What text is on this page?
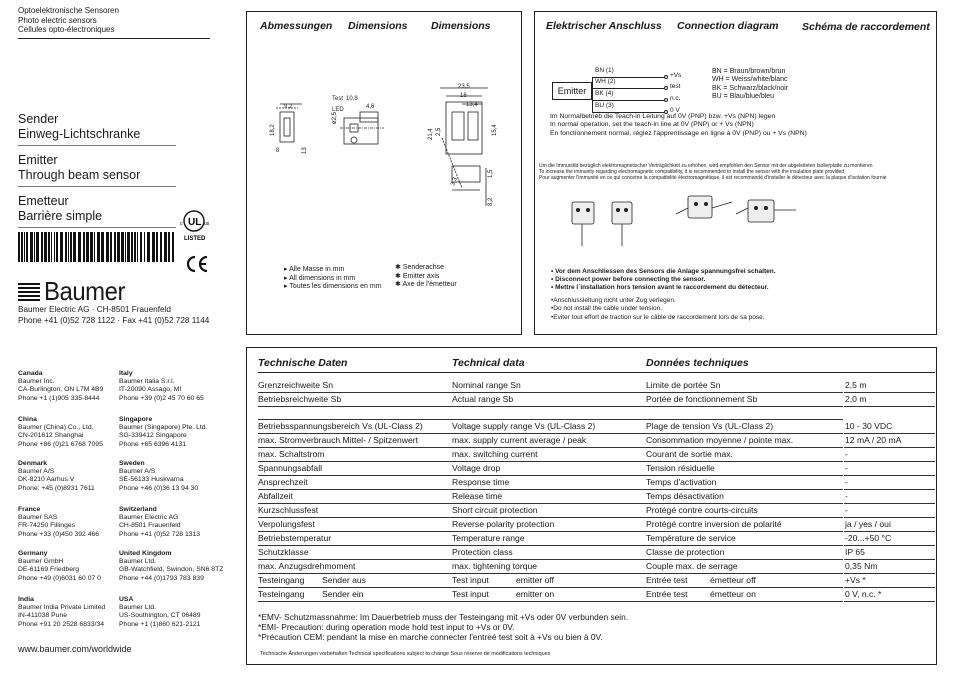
Optoelektronische Sensoren
Photo electric sensors
Cellules opto-électroniques
Sender
Einweg-Lichtschranke
Emitter
Through beam sensor
Emetteur
Barrière simple	UL
c	us
LISTED
Baumer
Baumer Electric AG · CH-8501 Frauenfeld
Phone +41 (0)52 728 1122 · Fax +41 (0)52 728 1144
Canada
Baumer Inc.
CA-Burlington, ON L7M 4B9
Phone +1 (1)905 335-8444
Italy
Baumer Italia S.r.l.
IT-20090 Assago, MI
Phone +39 (0)2 45 70 60 65
China
Baumer (China) Co., Ltd.
CN-201612 Shanghai
Phone +86 (0)21 6768 7095
Singapore
Baumer (Singapore) Pte. Ltd.
SG-339412 Singapore
Phone +65 6396 4131
Denmark
Baumer A/S
DK-8210 Aarhus V
Phone: +45 (0)8931 7611
Sweden
Baumer A/S
SE-56133 Huskvarna
Phone +46 (0)36 13 94 30
France
Baumer SAS
FR-74250 Fillinges
Phone +33 (0)450 392 466
Switzerland
Baumer Electric AG
CH-8501 Frauenfeld
Phone +41 (0)52 728 1313
Germany
Baumer GmbH
DE-61169 Friedberg
Phone +49 (0)6031 60 07 0
United Kingdom
Baumer Ltd.
GB-Watchfield, Swindon, SN6 8TZ
Phone +44 (0)1793 783 839
India
Baumer India Private Limited
IN-411038 Pune
Phone +91 20 2528 6833/34
USA
Baumer Ltd.
US-Southington, CT 06489
Phone +1 (1)860 621-2121
www.baumer.com/worldwide
Abmessungen Dimensions Dimensions
Test
LED
10,8
4,6
9,2
ø2,5
18,2
8	13
23,5
18
13,4
21,4 2,5	15,4
3,3
1,5
8,2
▸ Alle Masse in mm
▸ All dimensions in mm
▸ Toutes les dimensions en mm
✱ Senderachse
✱ Emitter axis
✱ Axe de l'émetteur
Elektrischer Anschluss Connection diagram Schéma de raccordement
Emitter
BN (1)
+Vs
WH (2)
test
BK (4)
n.c.
BU (3)
0 V
BN = Braun/brown/brun
WH = Weiss/white/blanc
BK = Schwarz/black/noir
BU = Blau/blue/bleu
Im Normalbetrieb die Teach-in Leitung auf 0V (PNP) bzw. +Vs (NPN) legen
In normal operation, set the teach-in line at 0V (PNP) or + Vs (NPN)
En fonctionnement normal, réglez l'apprentissage en ligne à 0V (PNP) ou + Vs (NPN)
Um die Immunität bezüglich elektromagnetischer Verträglichkeit zu erhöhen, wird empfohlen den Sensor mit der abgeleiteten Isolierplatte zu montieren
To increase the immunity regarding electromagnetic compatibility, it is recommended to install the sensor with the insulation plate provided
Pour augmenter l'immunité en ce qui concerne la compatibilité électromagnétique, il est recommandé d'installer le détecteur avec la plaque d'isolation fournie
• Vor dem Anschliessen des Sensors die Anlage spannungsfrei schalten.
• Disconnect power before connecting the sensor.
• Mettre l´installation hors tension avant le raccordement du détecteur.
•Anschlussleitung nicht unter Zug verlegen.
•Do not install the cable under tension.
•Eviter tout effort de traction sur le câble de raccordement lors de sa pose.
Technische Daten	Technical data	Données techniques
Grenzreichweite Sn	Nominal range Sn	Limite de portée Sn	2,5 m
Betriebsreichweite Sb	Actual range Sb	Portée de fonctionnement Sb	2,0 m
Betriebsspannungsbereich Vs (UL-Class 2)	Voltage supply range Vs (UL-Class 2)	Plage de tension Vs (UL-Class 2)	10 - 30 VDC
max. Stromverbrauch Mittel- / Spitzenwert	max. supply current average / peak	Consommation moyenne / pointe max.	12 mA / 20 mA
max. Schaltstrom	max. switching current	Courant de sortie max.	-
Spannungsabfall	Voltage drop	Tension résiduelle	-
Ansprechzeit	Response time	Temps d'activation	-
Abfallzeit	Release time	Temps désactivation	-
Kurzschlussfest	Short circuit protection	Protégé contre courts-circuits	-
Verpolungsfest	Reverse polarity protection	Protégé contre inversion de polarité	ja / yes / oui
Betriebstemperatur	Temperature range	Température de service	-20...+50 °C
Schutzklasse	Protection class	Classe de protection	IP 65
max. Anzugsdrehmoment	max. tightening torque	Couple max. de serrage	0,35 Nm
Testeingang Sender aus	Test input	emitter off	Entrée test	émetteur off	+Vs *
Testeingang Sender ein	Test input	emitter on	Entrée test	émetteur on	0 V, n.c. *
*EMV- Schutzmassnahme: Im Dauerbetrieb muss der Testeingang mit +Vs oder 0V verbunden sein.
*EMI- Precaution: during operation mode hold test input to +Vs or 0V.
*Précaution CEM: pendant la mise en marche connecter l'entreé test soit à +Vs ou bien à 0V.
Technische Änderungen vorbehalten Technical specifications subject to change Sous réserve de modifications techniques
